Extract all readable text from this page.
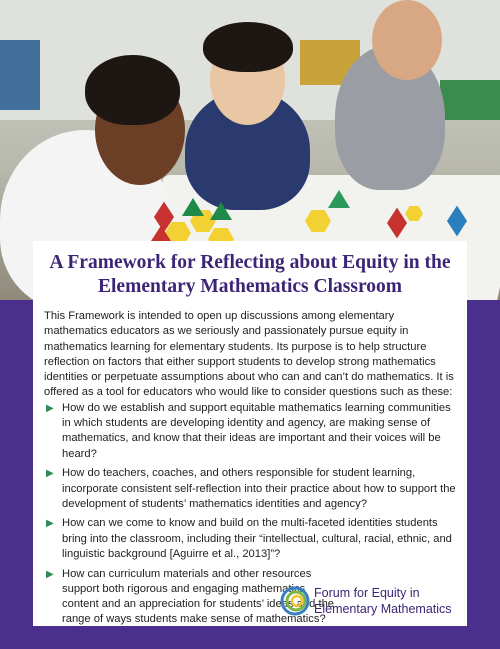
A Framework for Reflecting about Equity in the
Elementary Mathematics Classroom

This Framework is intended to open up discussions among elementary mathematics educators as we seriously and passionately pursue equity in mathematics learning for elementary students. Its purpose is to help structure reflection on factors that either support students to develop strong mathematics identities or perpetuate assumptions about who can and can’t do mathematics. It is offered as a tool for educators who would like to consider questions such as these:

▶ How do we establish and support equitable mathematics learning communities in which students are developing identity and agency, are making sense of mathematics, and know that their ideas are important and their voices will be heard?
▶ How do teachers, coaches, and others responsible for student learning, incorporate consistent self-reflection into their practice about how to support the development of students’ mathematics identities and agency?
▶ How can we come to know and build on the multi-faceted identities students bring into the classroom, including their “intellectual, cultural, racial, ethnic, and linguistic background [Aguirre et al., 2013]”?
▶ How can curriculum materials and other resources support both rigorous and engaging mathematics content and an appreciation for students’ ideas and the range of ways students make sense of mathematics?
Forum for Equity in
Elementary Mathematics
